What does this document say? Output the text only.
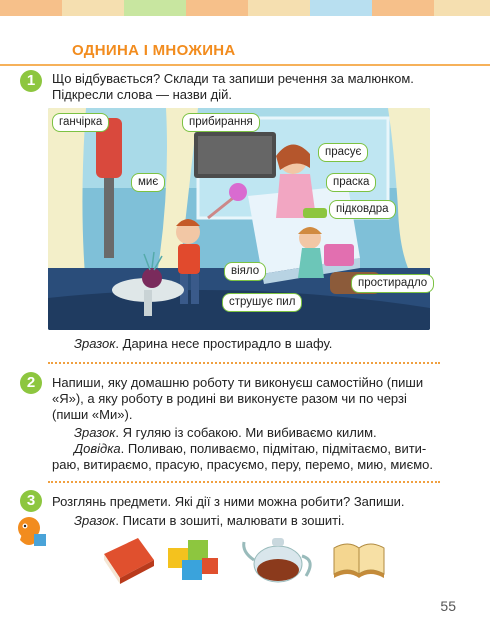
ОДНИНА І МНОЖИНА
1	Що відбувається? Склади та запиши речення за малюнком.
Підкресли слова — назви дій.
ганчірка	прибирання
прасує
миє	праска
підковдра
віяло
простирадло
струшує пил
Зразок. Дарина несе простирадло в шафу.
2	Напиши, яку домашню роботу ти виконуєш самостійно (пиши
«Я»), а яку роботу в родині ви виконуєте разом чи по черзі
(пиши «Ми»).
Зразок. Я гуляю із собакою. Ми вибиваємо килим.
Довідка. Поливаю, поливаємо, підмітаю, підмітаємо, вити-
раю, витираємо, прасую, прасуємо, перу, перемо, мию, миємо.
3	Розглянь предмети. Які дії з ними можна робити? Запиши.
Зразок. Писати в зошиті, малювати в зошиті.
55
